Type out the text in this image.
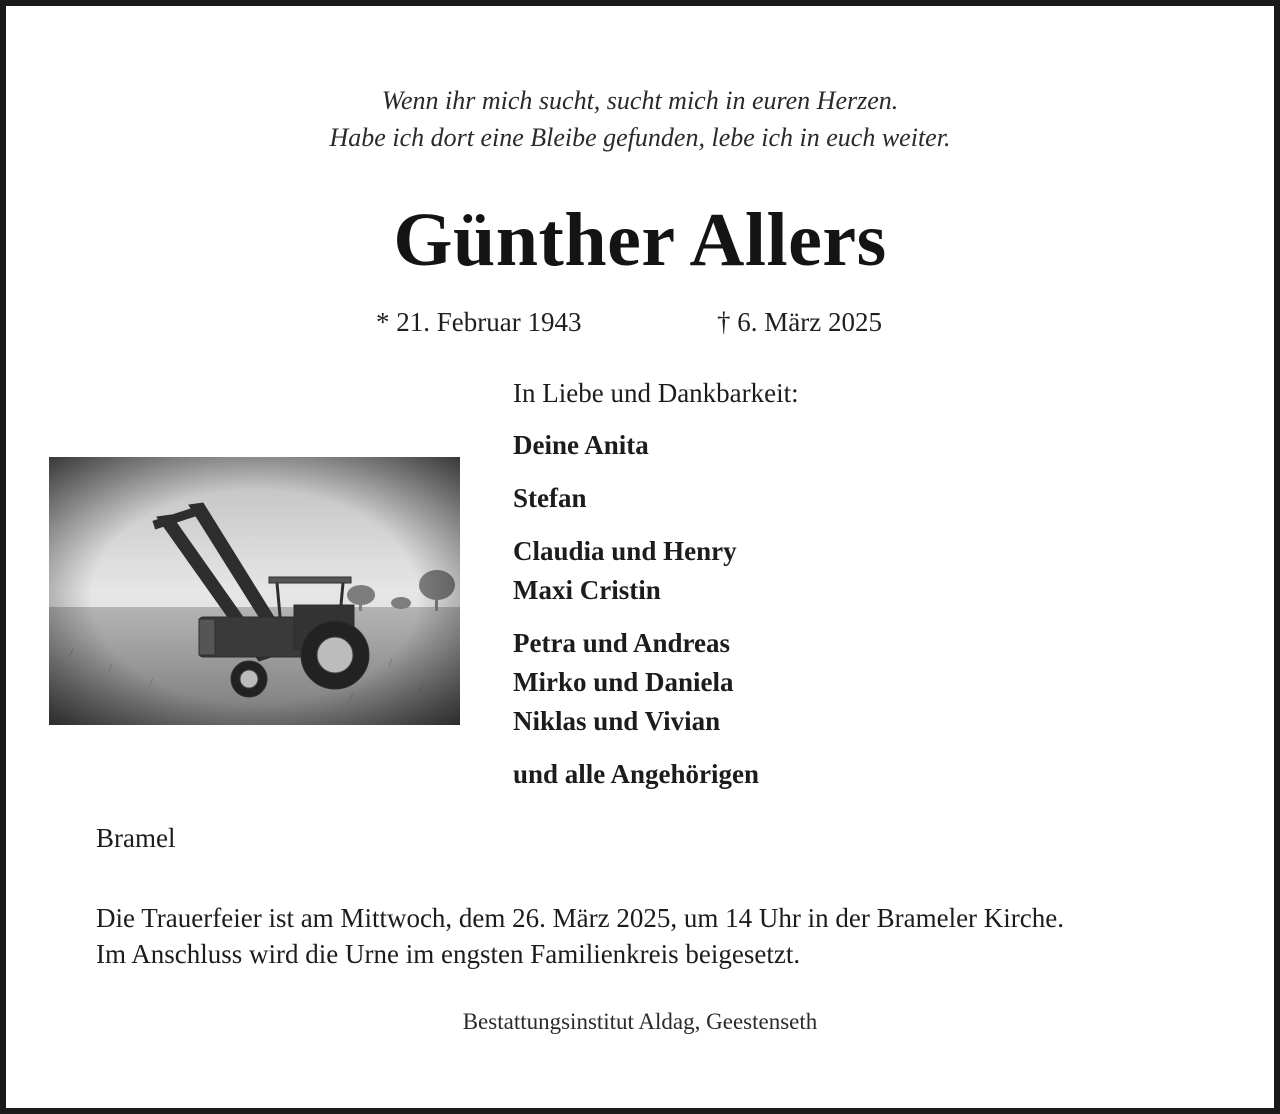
Wenn ihr mich sucht, sucht mich in euren Herzen.
Habe ich dort eine Bleibe gefunden, lebe ich in euch weiter.
Günther Allers
* 21. Februar 1943	† 6. März 2025
In Liebe und Dankbarkeit:
Deine Anita
Stefan
Claudia und Henry
Maxi Cristin
Petra und Andreas
Mirko und Daniela
Niklas und Vivian
und alle Angehörigen
Bramel
Die Trauerfeier ist am Mittwoch, dem 26. März 2025, um 14 Uhr in der Brameler Kirche.
Im Anschluss wird die Urne im engsten Familienkreis beigesetzt.
Bestattungsinstitut Aldag, Geestenseth
